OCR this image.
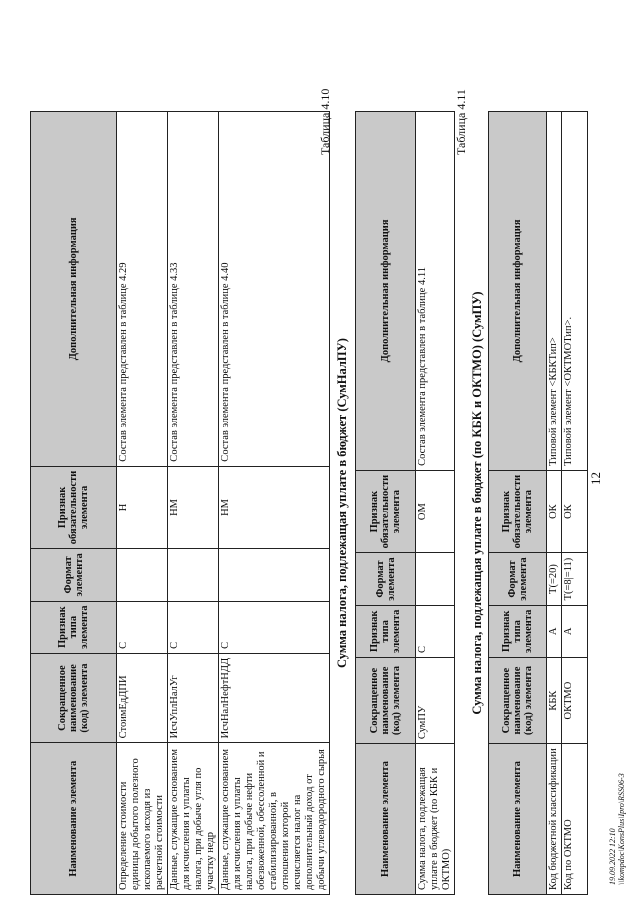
12
Наименование элемента	Сокращенное наименование (код) элемента	Признак типа элемента	Формат элемента	Признак обязательности элемента	Дополнительная информация
Определение стоимости единицы добытого полезного ископаемого исходя из расчетной стоимости	СтоимЕдДПИ	С		Н	Состав элемента представлен в таблице 4.29
Данные, служащие основанием для исчисления и уплаты налога, при добыче угля по участку недр	ИсчУплНалУг	С		НМ	Состав элемента представлен в таблице 4.33
Данные, служащие основанием для исчисления и уплаты налога, при добыче нефти обезвоженной, обессоленной и стабилизированной, в отношении которой исчисляется налог на дополнительный доход от добычи углеводородного сырья	ИсчНалНефтНДД	С		НМ	Состав элемента представлен в таблице 4.40
Таблица 4.10
Сумма налога, подлежащая уплате в бюджет (СумНалПУ)
Наименование элемента	Сокращенное наименование (код) элемента	Признак типа элемента	Формат элемента	Признак обязательности элемента	Дополнительная информация
Сумма налога, подлежащая уплате в бюджет (по КБК и ОКТМО)	СумПУ	С		ОМ	Состав элемента представлен в таблице 4.11
Таблица 4.11
Сумма налога, подлежащая уплате в бюджет (по КБК и ОКТМО) (СумПУ)
Наименование элемента	Сокращенное наименование (код) элемента	Признак типа элемента	Формат элемента	Признак обязательности элемента	Дополнительная информация
Код бюджетной классификации	КБК	А	T(=20)	ОК	Типовой элемент <КБКТип>
Код по ОКТМО	ОКТМО	А	T(=8|=11)	ОК	Типовой элемент <ОКТМОТип>.
19.09.2022 12:10 \\kompdoc\KonsPlus\Ipro\RSS06-3
